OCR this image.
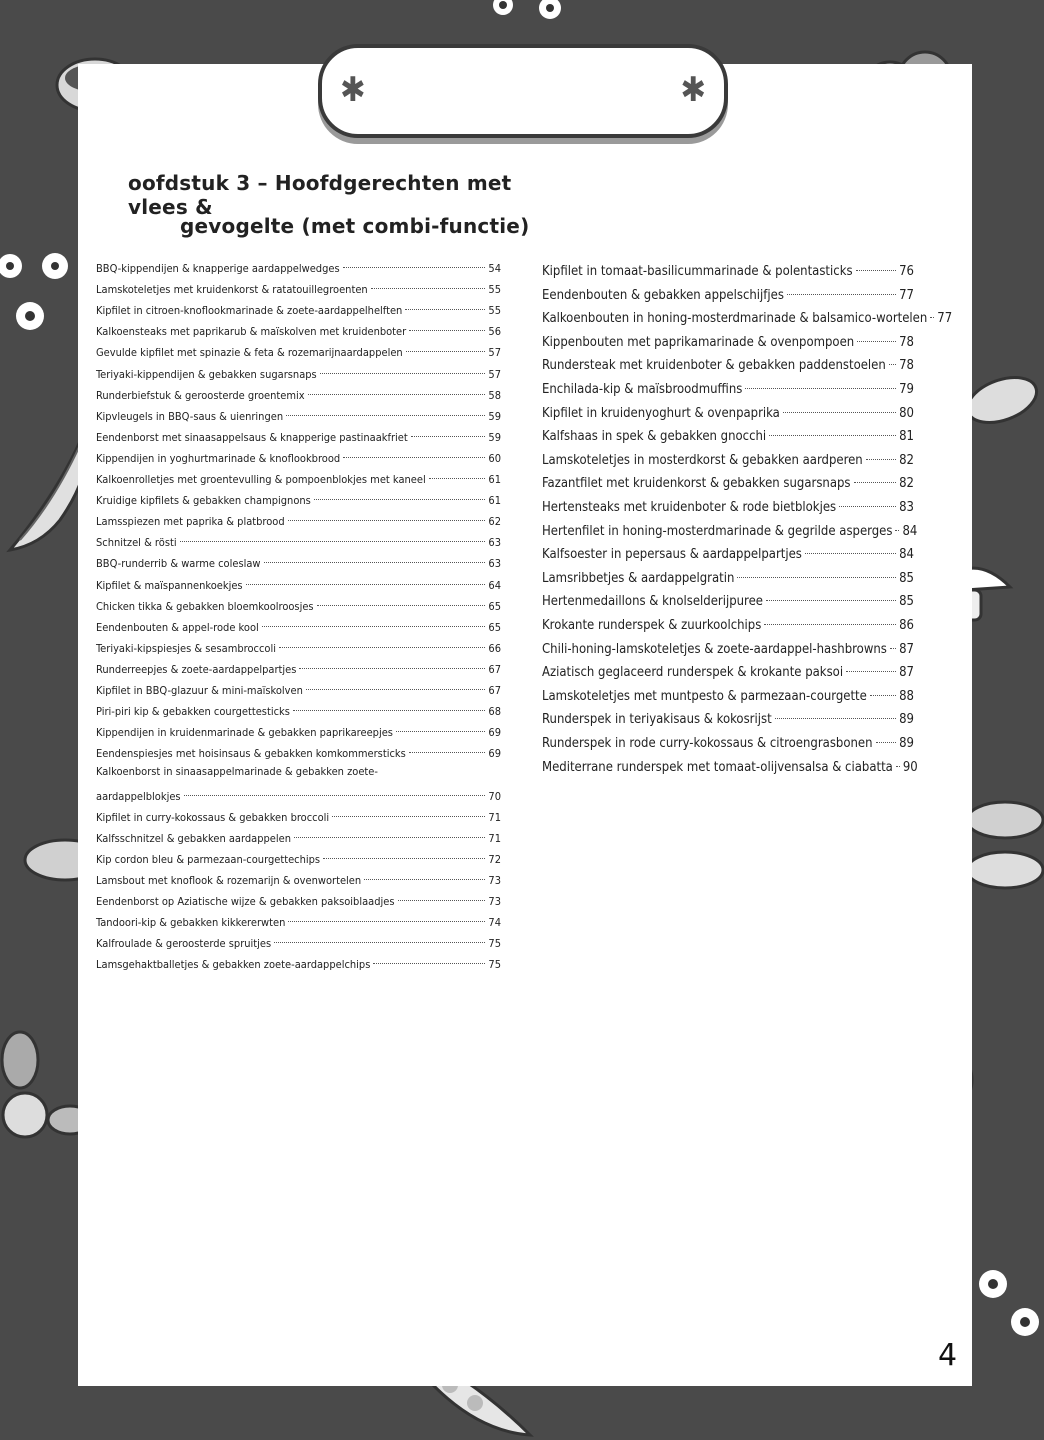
✱	✱
oofdstuk 3 – Hoofdgerechten met vlees &
gevogelte (met combi-functie)
BBQ-kippendijen & knapperige aardappelwedges	54
Lamskoteletjes met kruidenkorst & ratatouillegroenten	55
Kipfilet in citroen-knoflookmarinade & zoete-aardappelhelften	55
Kalkoensteaks met paprikarub & maïskolven met kruidenboter	56
Gevulde kipfilet met spinazie & feta & rozemarijnaardappelen	57
Teriyaki-kippendijen & gebakken sugarsnaps	57
Runderbiefstuk & geroosterde groentemix	58
Kipvleugels in BBQ-saus & uienringen	59
Eendenborst met sinaasappelsaus & knapperige pastinaakfriet	59
Kippendijen in yoghurtmarinade & knoflookbrood	60
Kalkoenrolletjes met groentevulling & pompoenblokjes met kaneel	61
Kruidige kipfilets & gebakken champignons	61
Lamsspiezen met paprika & platbrood	62
Schnitzel & rösti	63
BBQ-runderrib & warme coleslaw	63
Kipfilet & maïspannenkoekjes	64
Chicken tikka & gebakken bloemkoolroosjes	65
Eendenbouten & appel-rode kool	65
Teriyaki-kipspiesjes & sesambroccoli	66
Runderreepjes & zoete-aardappelpartjes	67
Kipfilet in BBQ-glazuur & mini-maïskolven	67
Piri-piri kip & gebakken courgettesticks	68
Kippendijen in kruidenmarinade & gebakken paprikareepjes	69
Eendenspiesjes met hoisinsaus & gebakken komkommersticks	69
Kalkoenborst in sinaasappelmarinade & gebakken zoete-
aardappelblokjes	70
Kipfilet in curry-kokossaus & gebakken broccoli	71
Kalfsschnitzel & gebakken aardappelen	71
Kip cordon bleu & parmezaan-courgettechips	72
Lamsbout met knoflook & rozemarijn & ovenwortelen	73
Eendenborst op Aziatische wijze & gebakken paksoiblaadjes	73
Tandoori-kip & gebakken kikkererwten	74
Kalfroulade & geroosterde spruitjes	75
Lamsgehaktballetjes & gebakken zoete-aardappelchips	75
Kipfilet in tomaat-basilicummarinade & polentasticks	76
Eendenbouten & gebakken appelschijfjes	77
Kalkoenbouten in honing-mosterdmarinade & balsamico-wortelen 77
Kippenbouten met paprikamarinade & ovenpompoen	78
Rundersteak met kruidenboter & gebakken paddenstoelen 78
Enchilada-kip & maïsbroodmuffins	79
Kipfilet in kruidenyoghurt & ovenpaprika	80
Kalfshaas in spek & gebakken gnocchi	81
Lamskoteletjes in mosterdkorst & gebakken aardperen	82
Fazantfilet met kruidenkorst & gebakken sugarsnaps	82
Hertensteaks met kruidenboter & rode bietblokjes	83
Hertenfilet in honing-mosterdmarinade & gegrilde asperges 84
Kalfsoester in pepersaus & aardappelpartjes	84
Lamsribbetjes & aardappelgratin	85
Hertenmedaillons & knolselderijpuree	85
Krokante runderspek & zuurkoolchips	86
Chili-honing-lamskoteletjes & zoete-aardappel-hashbrowns 87
Aziatisch geglaceerd runderspek & krokante paksoi	87
Lamskoteletjes met muntpesto & parmezaan-courgette 88
Runderspek in teriyakisaus & kokosrijst	89
Runderspek in rode curry-kokossaus & citroengrasbonen 89
Mediterrane runderspek met tomaat-olijvensalsa & ciabatta 90
4
